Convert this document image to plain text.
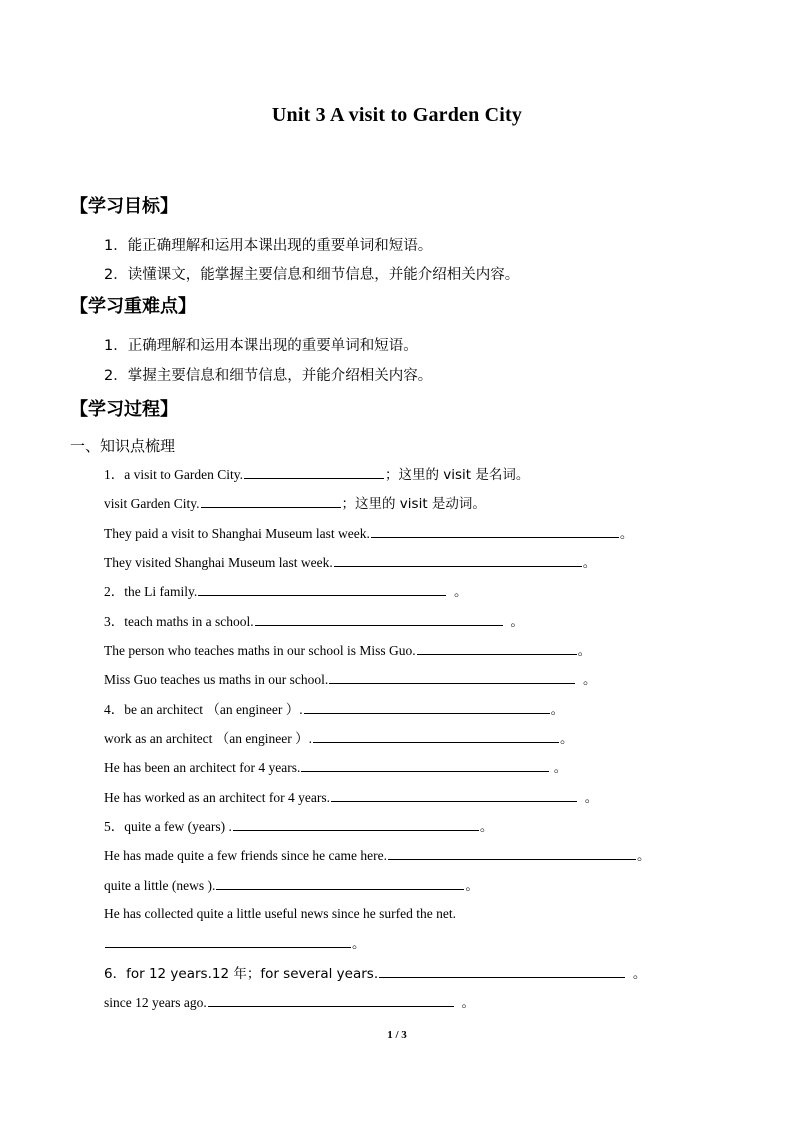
Unit 3 A visit to Garden City
【学习目标】
1．能正确理解和运用本课出现的重要单词和短语。
2．读懂课文，能掌握主要信息和细节信息，并能介绍相关内容。
【学习重难点】
1．正确理解和运用本课出现的重要单词和短语。
2．掌握主要信息和细节信息，并能介绍相关内容。
【学习过程】
一、知识点梳理
1．a visit to Garden City.	；这里的 visit 是名词。
visit Garden City.	；这里的 visit 是动词。
They paid a visit to Shanghai Museum last week.	。
They visited Shanghai Museum last week.	。
2．the Li family.	。
3．teach maths in a school.	。
The person who teaches maths in our school is Miss Guo.	。
Miss Guo teaches us maths in our school.	。
4．be an architect （an engineer ）.	。
work as an architect （an engineer ）.	。
He has been an architect for 4 years.	。
He has worked as an architect for 4 years.	。
5．quite a few (years) .	。
He has made quite a few friends since he came here.	。
quite a little (news ).	。
He has collected quite a little useful news since he surfed the net.
。
6．for 12 years.12 年；for several years.	。
since 12 years ago.	。
1 / 3
